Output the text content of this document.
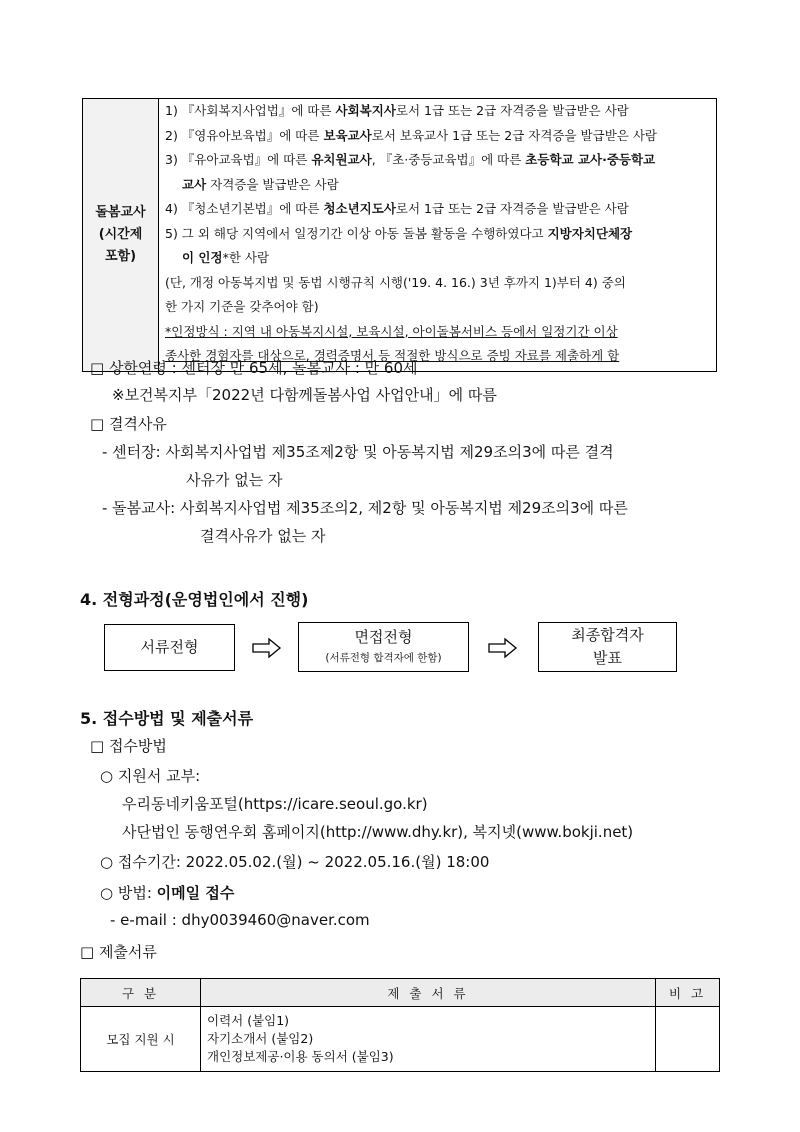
돌봄교사
(시간제
포함)

1) 『사회복지사업법』에 따른 사회복지사로서 1급 또는 2급 자격증을 발급받은 사람
2) 『영유아보육법』에 따른 보육교사로서 보육교사 1급 또는 2급 자격증을 발급받은 사람
3) 『유아교육법』에 따른 유치원교사, 『초·중등교육법』에 따른 초등학교 교사·중등학교
교사 자격증을 발급받은 사람
4) 『청소년기본법』에 따른 청소년지도사로서 1급 또는 2급 자격증을 발급받은 사람
5) 그 외 해당 지역에서 일정기간 이상 아동 돌봄 활동을 수행하였다고 지방자치단체장
이 인정*한 사람
(단, 개정 아동복지법 및 동법 시행규칙 시행('19. 4. 16.) 3년 후까지 1)부터 4) 중의
한 가지 기준을 갖추어야 함)
*인정방식 : 지역 내 아동복지시설, 보육시설, 아이돌봄서비스 등에서 일정기간 이상
종사한 경험자를 대상으로, 경력증명서 등 적절한 방식으로 증빙 자료를 제출하게 함
□ 상한연령 : 센터장 만 65세, 돌봄교사 : 만 60세
※보건복지부「2022년 다함께돌봄사업 사업안내」에 따름
□ 결격사유
- 센터장: 사회복지사업법 제35조제2항 및 아동복지법 제29조의3에 따른 결격
사유가 없는 자
- 돌봄교사: 사회복지사업법 제35조의2, 제2항 및 아동복지법 제29조의3에 따른
결격사유가 없는 자
4. 전형과정(운영법인에서 진행)
서류전형
면접전형
(서류전형 합격자에 한함)
최종합격자
발표
5. 접수방법 및 제출서류
□ 접수방법
○ 지원서 교부:
우리동네키움포털(https://icare.seoul.go.kr)
사단법인 동행연우회 홈페이지(http://www.dhy.kr), 복지넷(www.bokji.net)
○ 접수기간: 2022.05.02.(월) ~ 2022.05.16.(월) 18:00
○ 방법: 이메일 접수
- e-mail : dhy0039460@naver.com
□ 제출서류
구 분	제 출 서 류	비 고
모집 지원 시	이력서 (붙임1)
자기소개서 (붙임2)
개인정보제공·이용 동의서 (붙임3)	
